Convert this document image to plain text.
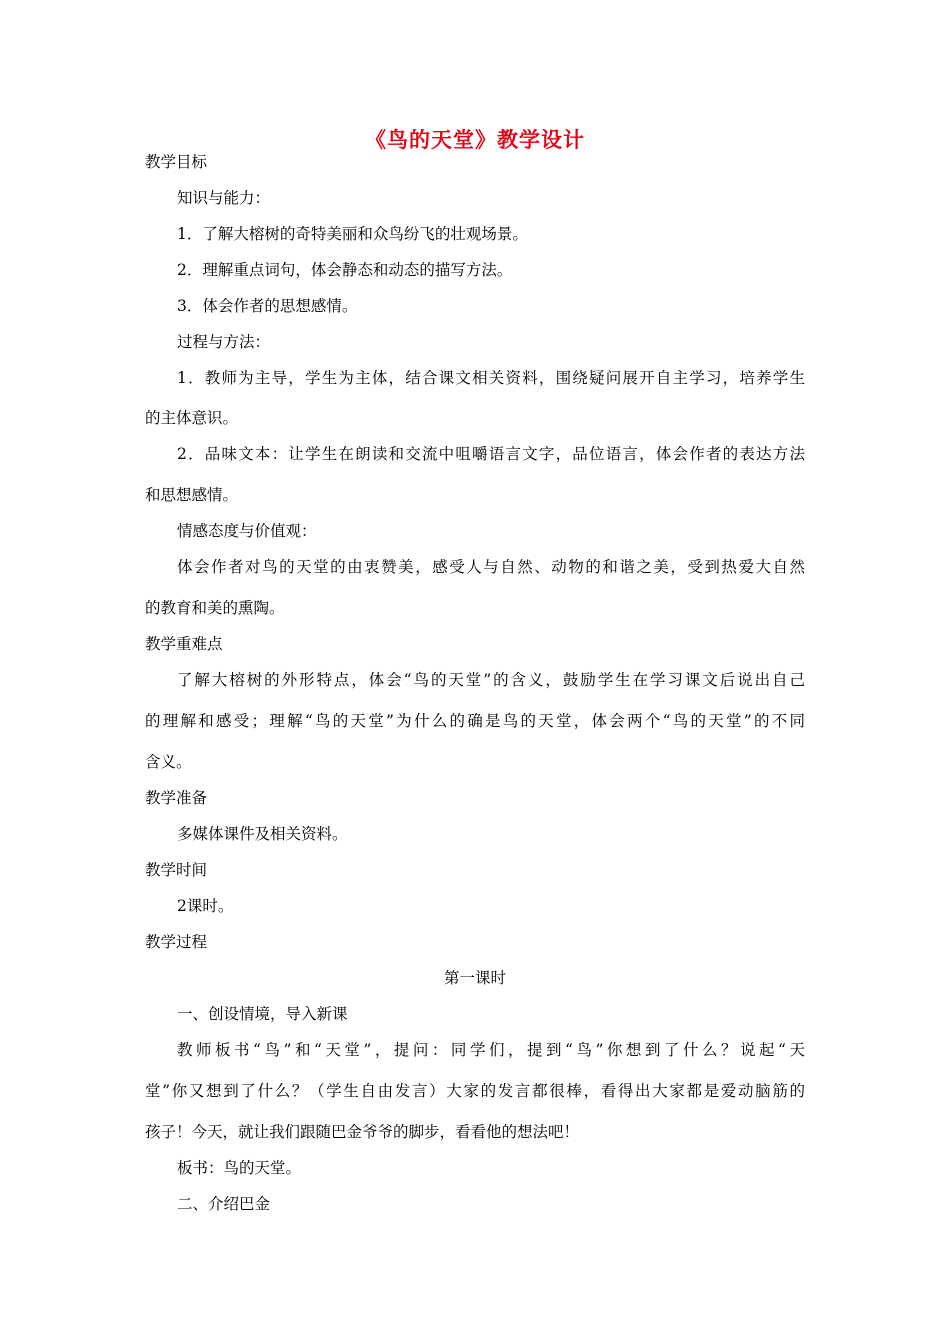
《鸟的天堂》教学设计
教学目标
知识与能力：
1．了解大榕树的奇特美丽和众鸟纷飞的壮观场景。
2．理解重点词句，体会静态和动态的描写方法。
3．体会作者的思想感情。
过程与方法：
1．教师为主导，学生为主体，结合课文相关资料，围绕疑问展开自主学习，培养学生
的主体意识。
2．品味文本：让学生在朗读和交流中咀嚼语言文字，品位语言，体会作者的表达方法
和思想感情。
情感态度与价值观：
体会作者对鸟的天堂的由衷赞美，感受人与自然、动物的和谐之美，受到热爱大自然
的教育和美的熏陶。
教学重难点
了解大榕树的外形特点，体会“鸟的天堂”的含义，鼓励学生在学习课文后说出自己
的理解和感受；理解“鸟的天堂”为什么的确是鸟的天堂，体会两个“鸟的天堂”的不同
含义。
教学准备
多媒体课件及相关资料。
教学时间
2课时。
教学过程
第一课时
一、创设情境，导入新课
教师板书“鸟”和“天堂”，提问：同学们，提到“鸟”你想到了什么？说起“天
堂”你又想到了什么？（学生自由发言）大家的发言都很棒，看得出大家都是爱动脑筋的
孩子！今天，就让我们跟随巴金爷爷的脚步，看看他的想法吧！
板书：鸟的天堂。
二、介绍巴金
